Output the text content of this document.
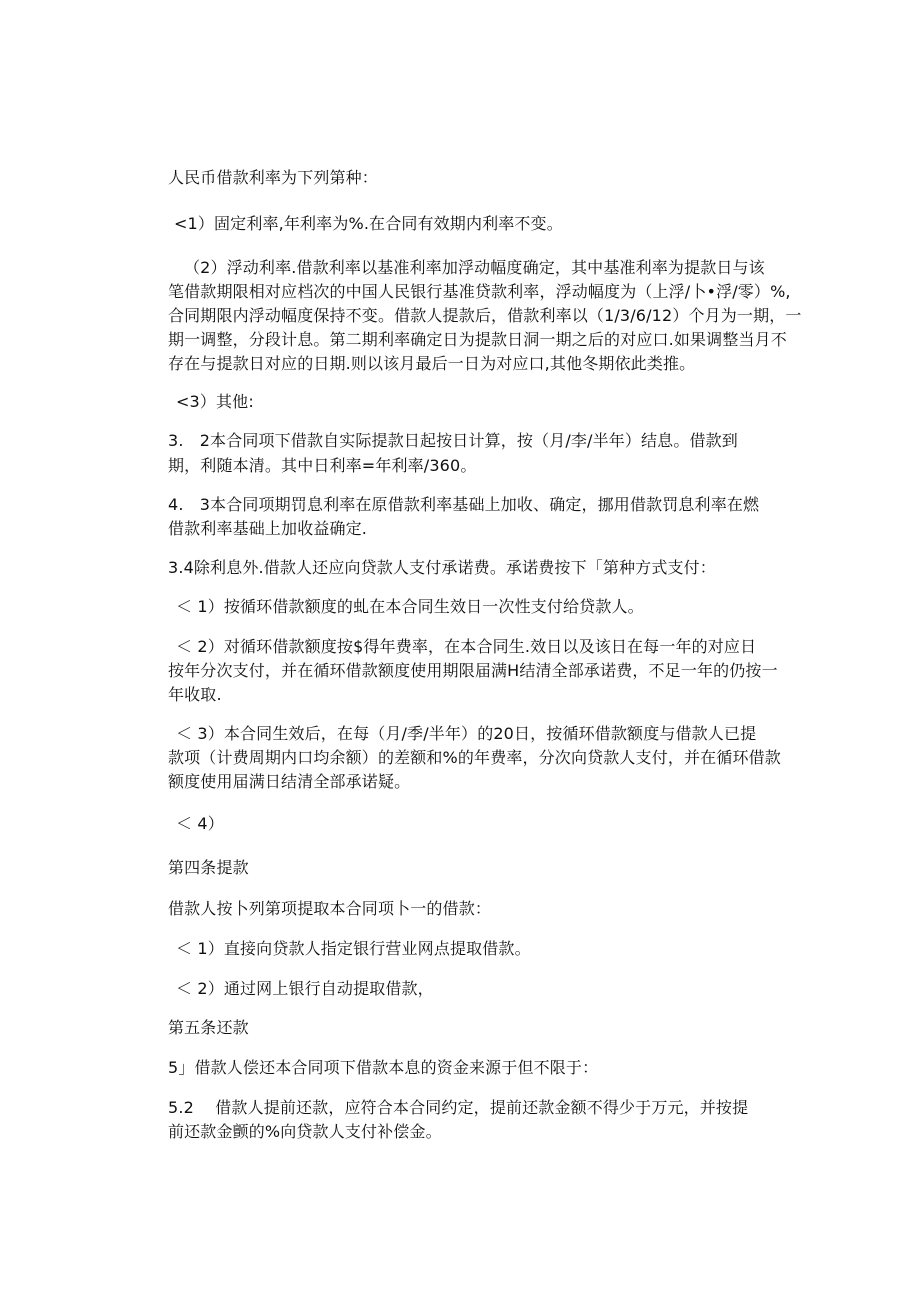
人民币借款利率为下列第种：
<1）固定利率,年利率为%.在合同有效期内利率不变。
（2）浮动利率.借款利率以基准利率加浮动幅度确定，其中基准利率为提款日与该
笔借款期限相对应档次的中国人民银行基准贷款利率，浮动幅度为（上浮/卜•浮/零）%,
合同期限内浮动幅度保持不变。借款人提款后，借款利率以（1/3/6/12）个月为一期，一
期一调整，分段计息。第二期利率确定日为提款日洞一期之后的对应口.如果调整当月不
存在与提款日对应的日期.则以该月最后一日为对应口,其他冬期依此类推。
<3）其他:
3.　2本合同项下借款自实际提款日起按日计算，按（月/李/半年）结息。借款到
期，利随本清。其中日利率=年利率/360。
4.　3本合同项期罚息利率在原借款利率基础上加收、确定，挪用借款罚息利率在燃
借款利率基础上加收益确定.
3.4除利息外.借款人还应向贷款人支付承诺费。承诺费按下「第种方式支付：
＜ 1）按循环借款额度的虬在本合同生效日一次性支付给贷款人。
＜ 2）对循环借款额度按$得年费率，在本合同生.效日以及该日在每一年的对应日
按年分次支付，并在循环借款额度使用期限届满H结清全部承诺费，不足一年的仍按一
年收取.
＜ 3）本合同生效后，在每（月/季/半年）的20日，按循环借款额度与借款人已提
款项（计费周期内口均余额）的差额和%的年费率，分次向贷款人支付，并在循环借款
额度使用届满日结清全部承诺疑。
＜ 4）
第四条提款
借款人按卜列第项提取本合同项卜一的借款：
＜ 1）直接向贷款人指定银行营业网点提取借款。
＜ 2）通过网上银行自动提取借款，
第五条还款
5」借款人偿还本合同项下借款本息的资金来源于但不限于：
5.2　 借款人提前还款，应符合本合同约定，提前还款金额不得少于万元，并按提
前还款金颤的%向贷款人支付补偿金。
